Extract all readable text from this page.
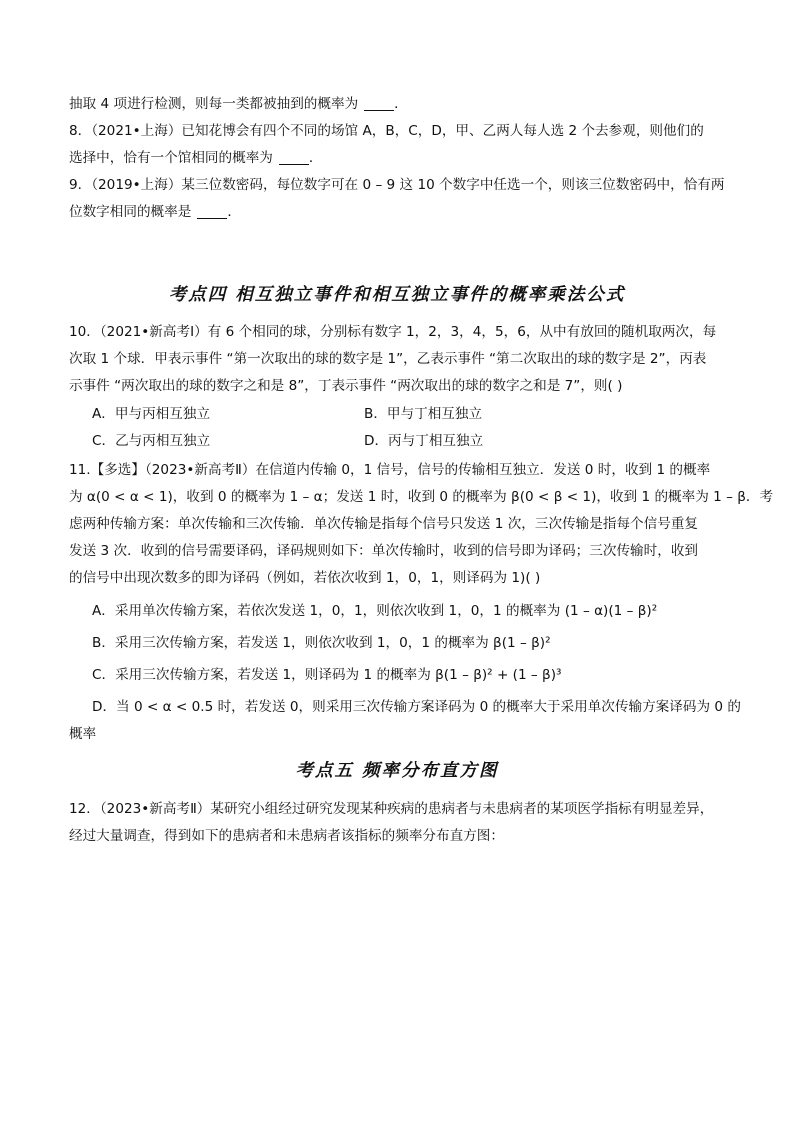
抽取 4 项进行检测，则每一类都被抽到的概率为	．
8．（2021•上海）已知花博会有四个不同的场馆 A，B，C，D，甲、乙两人每人选 2 个去参观，则他们的
选择中，恰有一个馆相同的概率为	．
9．（2019•上海）某三位数密码，每位数字可在 0 – 9 这 10 个数字中任选一个，则该三位数密码中，恰有两
位数字相同的概率是	．
考点四 相互独立事件和相互独立事件的概率乘法公式
10．（2021•新高考Ⅰ）有 6 个相同的球，分别标有数字 1，2，3，4，5，6，从中有放回的随机取两次，每
次取 1 个球．甲表示事件 “第一次取出的球的数字是 1”，乙表示事件 “第二次取出的球的数字是 2”，丙表
示事件 “两次取出的球的数字之和是 8”，丁表示事件 “两次取出的球的数字之和是 7”，则( )
A．甲与丙相互独立	B．甲与丁相互独立
C．乙与丙相互独立	D．丙与丁相互独立
11.【多选】（2023•新高考Ⅱ）在信道内传输 0，1 信号，信号的传输相互独立．发送 0 时，收到 1 的概率
为 α(0 < α < 1)，收到 0 的概率为 1 – α；发送 1 时，收到 0 的概率为 β(0 < β < 1)，收到 1 的概率为 1 – β．考
虑两种传输方案：单次传输和三次传输．单次传输是指每个信号只发送 1 次，三次传输是指每个信号重复
发送 3 次．收到的信号需要译码，译码规则如下：单次传输时，收到的信号即为译码；三次传输时，收到
的信号中出现次数多的即为译码（例如，若依次收到 1，0，1，则译码为 1)( )
A．采用单次传输方案，若依次发送 1，0，1，则依次收到 1，0，1 的概率为 (1 – α)(1 – β)²
B．采用三次传输方案，若发送 1，则依次收到 1，0，1 的概率为 β(1 – β)²
C．采用三次传输方案，若发送 1，则译码为 1 的概率为 β(1 – β)² + (1 – β)³
D．当 0 < α < 0.5 时，若发送 0，则采用三次传输方案译码为 0 的概率大于采用单次传输方案译码为 0 的
概率
考点五 频率分布直方图
12．（2023•新高考Ⅱ）某研究小组经过研究发现某种疾病的患病者与未患病者的某项医学指标有明显差异，
经过大量调查，得到如下的患病者和未患病者该指标的频率分布直方图：
